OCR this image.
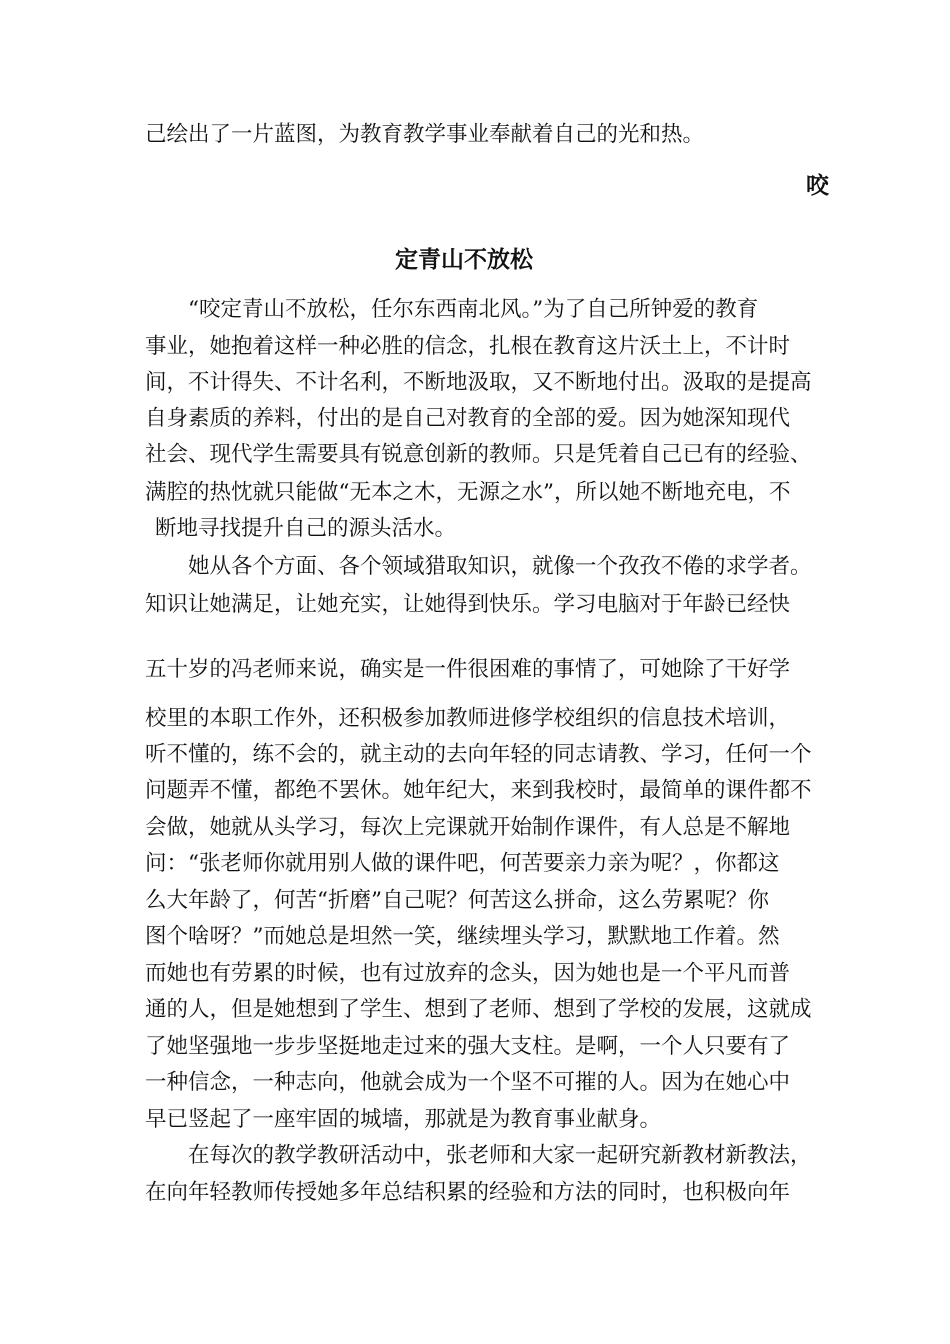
己绘出了一片蓝图，为教育教学事业奉献着自己的光和热。
咬
定青山不放松
“咬定青山不放松，任尔东西南北风。”为了自己所钟爱的教育
事业，她抱着这样一种必胜的信念，扎根在教育这片沃土上，不计时
间，不计得失、不计名利，不断地汲取，又不断地付出。汲取的是提高
自身素质的养料，付出的是自己对教育的全部的爱。因为她深知现代
社会、现代学生需要具有锐意创新的教师。只是凭着自己已有的经验、
满腔的热忱就只能做“无本之木，无源之水”，所以她不断地充电，不
断地寻找提升自己的源头活水。
她从各个方面、各个领域猎取知识，就像一个孜孜不倦的求学者。
知识让她满足，让她充实，让她得到快乐。学习电脑对于年龄已经快
五十岁的冯老师来说，确实是一件很困难的事情了，可她除了干好学
校里的本职工作外，还积极参加教师进修学校组织的信息技术培训，
听不懂的，练不会的，就主动的去向年轻的同志请教、学习，任何一个
问题弄不懂，都绝不罢休。她年纪大，来到我校时，最简单的课件都不
会做，她就从头学习，每次上完课就开始制作课件，有人总是不解地
问：“张老师你就用别人做的课件吧，何苦要亲力亲为呢？，你都这
么大年龄了，何苦“折磨”自己呢？何苦这么拼命，这么劳累呢？你
图个啥呀？”而她总是坦然一笑，继续埋头学习，默默地工作着。然
而她也有劳累的时候，也有过放弃的念头，因为她也是一个平凡而普
通的人，但是她想到了学生、想到了老师、想到了学校的发展，这就成
了她坚强地一步步坚挺地走过来的强大支柱。是啊，一个人只要有了
一种信念，一种志向，他就会成为一个坚不可摧的人。因为在她心中
早已竖起了一座牢固的城墙，那就是为教育事业献身。
在每次的教学教研活动中，张老师和大家一起研究新教材新教法，
在向年轻教师传授她多年总结积累的经验和方法的同时，也积极向年
